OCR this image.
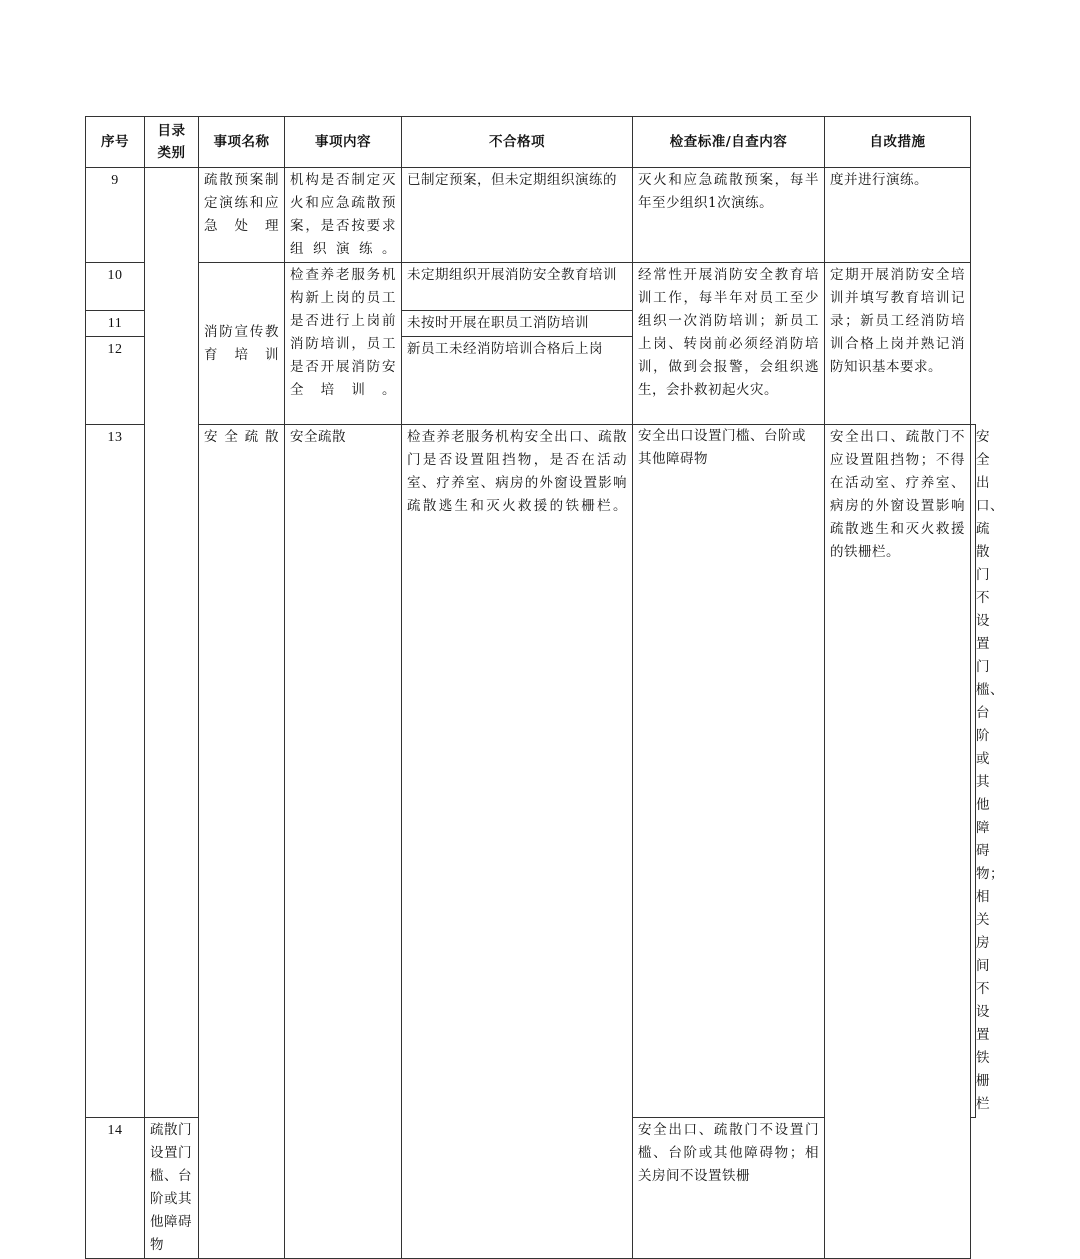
序号	目录类别	事项名称	事项内容	不合格项	检查标准/自查内容	自改措施	
9		疏散预案制定演练和应急处理	机构是否制定灭火和应急疏散预案，是否按要求组织演练。	已制定预案，但未定期组织演练的	灭火和应急疏散预案，每半年至少组织1次演练。	度并进行演练。	
10		消防宣传教育培训	检查养老服务机构新上岗的员工是否进行上岗前消防培训，员工是否开展消防安全培训。	未定期组织开展消防安全教育培训	经常性开展消防安全教育培训工作，每半年对员工至少组织一次消防培训；新员工上岗、转岗前必须经消防培训，做到会报警，会组织逃生，会扑救初起火灾。	定期开展消防安全培训并填写教育培训记录；新员工经消防培训合格上岗并熟记消防知识基本要求。	
11				未按时开展在职员工消防培训			
12				新员工未经消防培训合格后上岗			
13		安全疏散	安全疏散	检查养老服务机构安全出口、疏散门是否设置阻挡物，是否在活动室、疗养室、病房的外窗设置影响疏散逃生和灭火救援的铁栅栏。	安全出口设置门槛、台阶或其他障碍物	安全出口、疏散门不应设置阻挡物；不得在活动室、疗养室、病房的外窗设置影响疏散逃生和灭火救援的铁栅栏。	安全出口、疏散门不设置门槛、台阶或其他障碍物；相关房间不设置铁栅栏
14	疏散门设置门槛、台阶或其他障碍物				安全出口、疏散门不设置门槛、台阶或其他障碍物；相关房间不设置铁栅		
